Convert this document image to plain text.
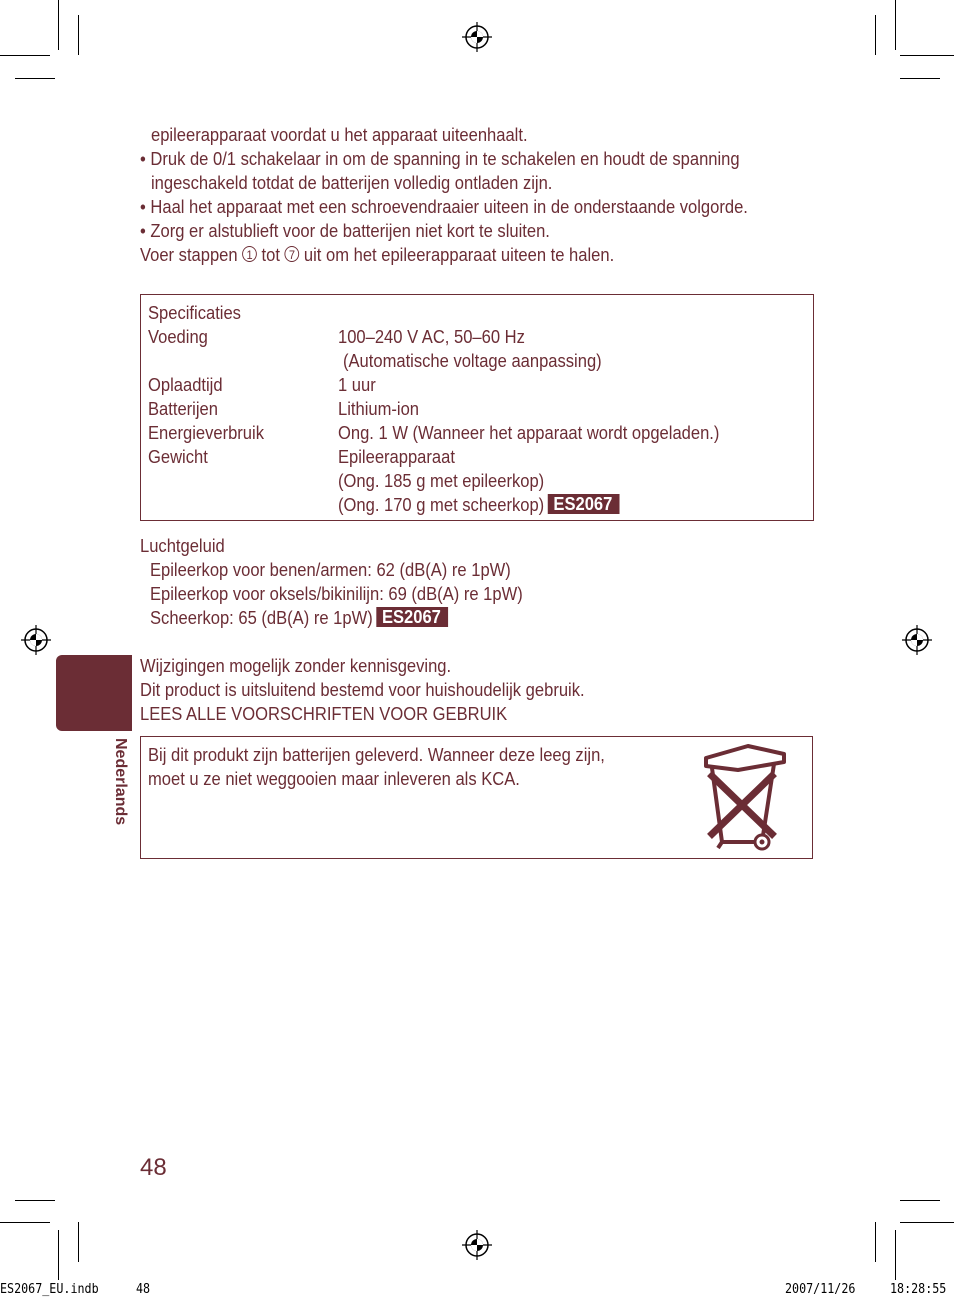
epileerapparaat voordat u het apparaat uiteenhaalt.
• Druk de 0/1 schakelaar in om de spanning in te schakelen en houdt de spanning
ingeschakeld totdat de batterijen volledig ontladen zijn.
• Haal het apparaat met een schroevendraaier uiteen in de onderstaande volgorde.
• Zorg er alstublieft voor de batterijen niet kort te sluiten.
Voer stappen 1 tot 7 uit om het epileerapparaat uiteen te halen.
Specificaties
Voeding	100–240 V AC, 50–60 Hz
(Automatische voltage aanpassing)
Oplaadtijd	1 uur
Batterijen	Lithium-ion
Energieverbruik	Ong. 1 W (Wanneer het apparaat wordt opgeladen.)
Gewicht	Epileerapparaat
(Ong. 185 g met epileerkop)
(Ong. 170 g met scheerkop) ES2067
Luchtgeluid
Epileerkop voor benen/armen: 62 (dB(A) re 1pW)
Epileerkop voor oksels/bikinilijn: 69 (dB(A) re 1pW)
Scheerkop: 65 (dB(A) re 1pW) ES2067
Nederlands
Wijzigingen mogelijk zonder kennisgeving.
Dit product is uitsluitend bestemd voor huishoudelijk gebruik.
LEES ALLE VOORSCHRIFTEN VOOR GEBRUIK
Bij dit produkt zijn batterijen geleverd. Wanneer deze leeg zijn,
moet u ze niet weggooien maar inleveren als KCA.
48
ES2067_EU.indb	48	2007/11/26	18:28:55
